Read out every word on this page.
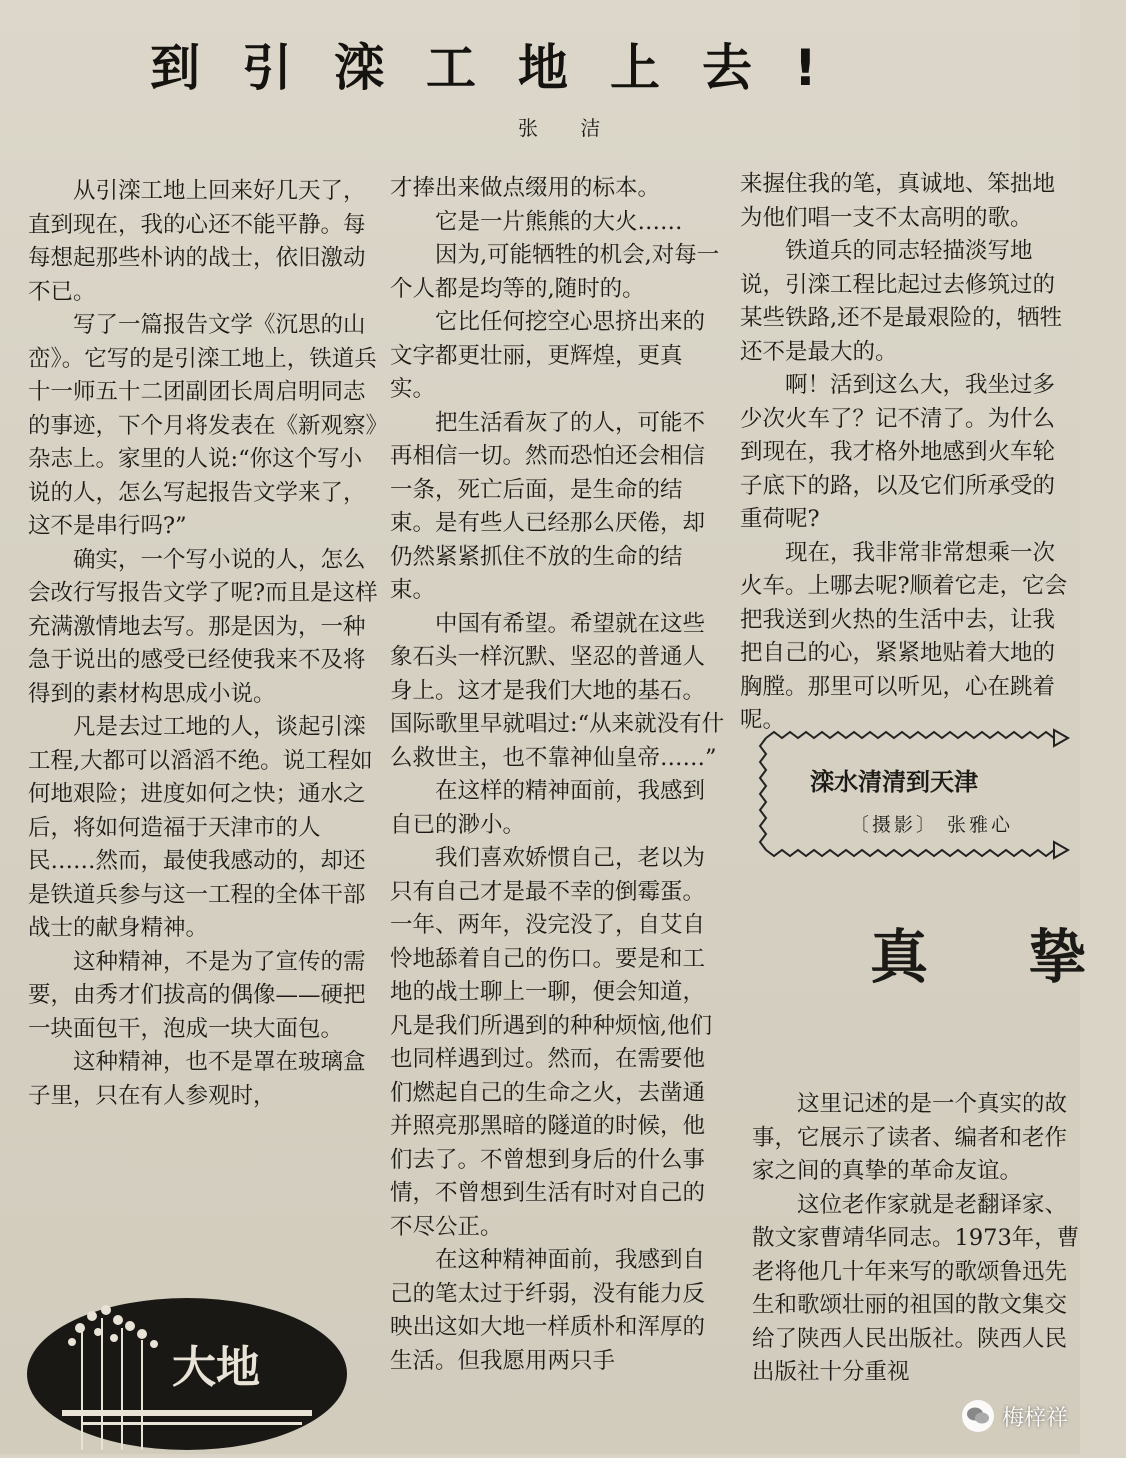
到引滦工地上去!
张 洁

从引滦工地上回来好几天了，直到现在，我的心还不能平静。每每想起那些朴讷的战士，依旧激动不已。

写了一篇报告文学《沉思的山峦》。它写的是引滦工地上，铁道兵十一师五十二团副团长周启明同志的事迹，下个月将发表在《新观察》杂志上。家里的人说:“你这个写小说的人，怎么写起报告文学来了，这不是串行吗?”

确实，一个写小说的人，怎么会改行写报告文学了呢?而且是这样充满激情地去写。那是因为，一种急于说出的感受已经使我来不及将得到的素材构思成小说。

凡是去过工地的人，谈起引滦工程,大都可以滔滔不绝。说工程如何地艰险；进度如何之快；通水之后，将如何造福于天津市的人民……然而，最使我感动的，却还是铁道兵参与这一工程的全体干部战士的献身精神。

这种精神，不是为了宣传的需要，由秀才们拔高的偶像——硬把一块面包干，泡成一块大面包。

这种精神，也不是罩在玻璃盒子里，只在有人参观时，

才捧出来做点缀用的标本。

它是一片熊熊的大火……

因为,可能牺牲的机会,对每一个人都是均等的,随时的。

它比任何挖空心思挤出来的文字都更壮丽，更辉煌，更真实。

把生活看灰了的人，可能不再相信一切。然而恐怕还会相信一条，死亡后面，是生命的结束。是有些人已经那么厌倦，却仍然紧紧抓住不放的生命的结束。

中国有希望。希望就在这些象石头一样沉默、坚忍的普通人身上。这才是我们大地的基石。国际歌里早就唱过:“从来就没有什么救世主，也不靠神仙皇帝……”

在这样的精神面前，我感到自已的渺小。

我们喜欢娇惯自己，老以为只有自己才是最不幸的倒霉蛋。一年、两年，没完没了，自艾自怜地舔着自己的伤口。要是和工地的战士聊上一聊，便会知道，凡是我们所遇到的种种烦恼,他们也同样遇到过。然而，在需要他们燃起自己的生命之火，去凿通并照亮那黑暗的隧道的时候，他们去了。不曾想到身后的什么事情，不曾想到生活有时对自己的不尽公正。

在这种精神面前，我感到自己的笔太过于纤弱，没有能力反映出这如大地一样质朴和浑厚的生活。但我愿用两只手

来握住我的笔，真诚地、笨拙地为他们唱一支不太高明的歌。

铁道兵的同志轻描淡写地说，引滦工程比起过去修筑过的某些铁路,还不是最艰险的，牺牲还不是最大的。

啊！活到这么大，我坐过多少次火车了？记不清了。为什么到现在，我才格外地感到火车轮子底下的路，以及它们所承受的重荷呢?

现在，我非常非常想乘一次火车。上哪去呢?顺着它走，它会把我送到火热的生活中去，让我把自己的心，紧紧地贴着大地的胸膛。那里可以听见，心在跳着呢。

滦水清清到天津
〔摄影〕 张雅心
真 挚

这里记述的是一个真实的故事，它展示了读者、编者和老作家之间的真挚的革命友谊。

这位老作家就是老翻译家、散文家曹靖华同志。1973年，曹老将他几十年来写的歌颂鲁迅先生和歌颂壮丽的祖国的散文集交给了陕西人民出版社。陕西人民出版社十分重视

大地
梅梓祥
